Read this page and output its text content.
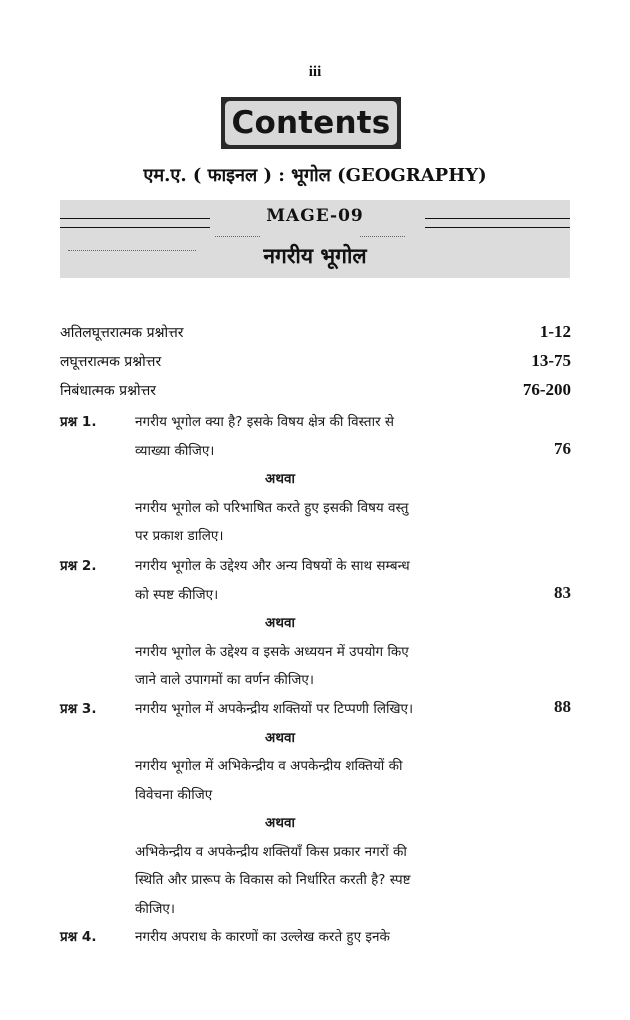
iii
Contents
एम.ए. ( फाइनल ) : भूगोल (GEOGRAPHY)
MAGE-09
नगरीय भूगोल
अतिलघूत्तरात्मक प्रश्नोत्तर	1-12
लघूत्तरात्मक प्रश्नोत्तर	13-75
निबंधात्मक प्रश्नोत्तर	76-200
प्रश्न 1.	नगरीय भूगोल क्या है? इसके विषय क्षेत्र की विस्तार से
व्याख्या कीजिए।	76
अथवा
नगरीय भूगोल को परिभाषित करते हुए इसकी विषय वस्तु
पर प्रकाश डालिए।
प्रश्न 2.	नगरीय भूगोल के उद्देश्य और अन्य विषयों के साथ सम्बन्ध
को स्पष्ट कीजिए।	83
अथवा
नगरीय भूगोल के उद्देश्य व इसके अध्ययन में उपयोग किए
जाने वाले उपागमों का वर्णन कीजिए।
प्रश्न 3.	नगरीय भूगोल में अपकेन्द्रीय शक्तियों पर टिप्पणी लिखिए।	88
अथवा
नगरीय भूगोल में अभिकेन्द्रीय व अपकेन्द्रीय शक्तियों की
विवेचना कीजिए
अथवा
अभिकेन्द्रीय व अपकेन्द्रीय शक्तियाँ किस प्रकार नगरों की
स्थिति और प्रारूप के विकास को निर्धारित करती है? स्पष्ट
कीजिए।
प्रश्न 4.	नगरीय अपराध के कारणों का उल्लेख करते हुए इनके
